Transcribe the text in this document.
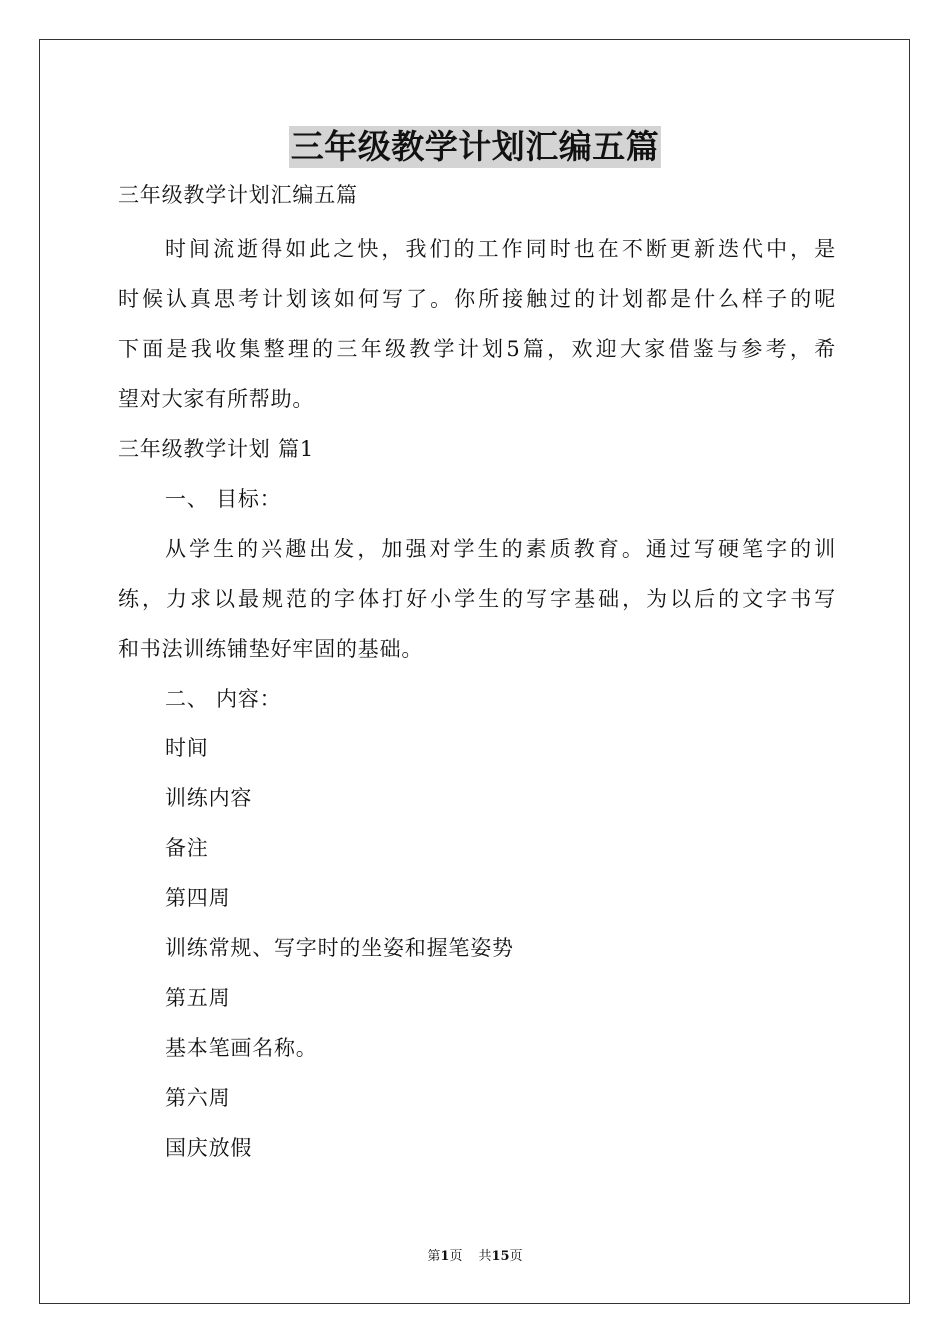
三年级教学计划汇编五篇
三年级教学计划汇编五篇
时间流逝得如此之快，我们的工作同时也在不断更新迭代中，是
时候认真思考计划该如何写了。你所接触过的计划都是什么样子的呢
下面是我收集整理的三年级教学计划5篇，欢迎大家借鉴与参考，希
望对大家有所帮助。
三年级教学计划 篇1
一、 目标：
从学生的兴趣出发，加强对学生的素质教育。通过写硬笔字的训
练，力求以最规范的字体打好小学生的写字基础，为以后的文字书写
和书法训练铺垫好牢固的基础。
二、 内容：
时间
训练内容
备注
第四周
训练常规、写字时的坐姿和握笔姿势
第五周
基本笔画名称。
第六周
国庆放假
第1页 共15页
